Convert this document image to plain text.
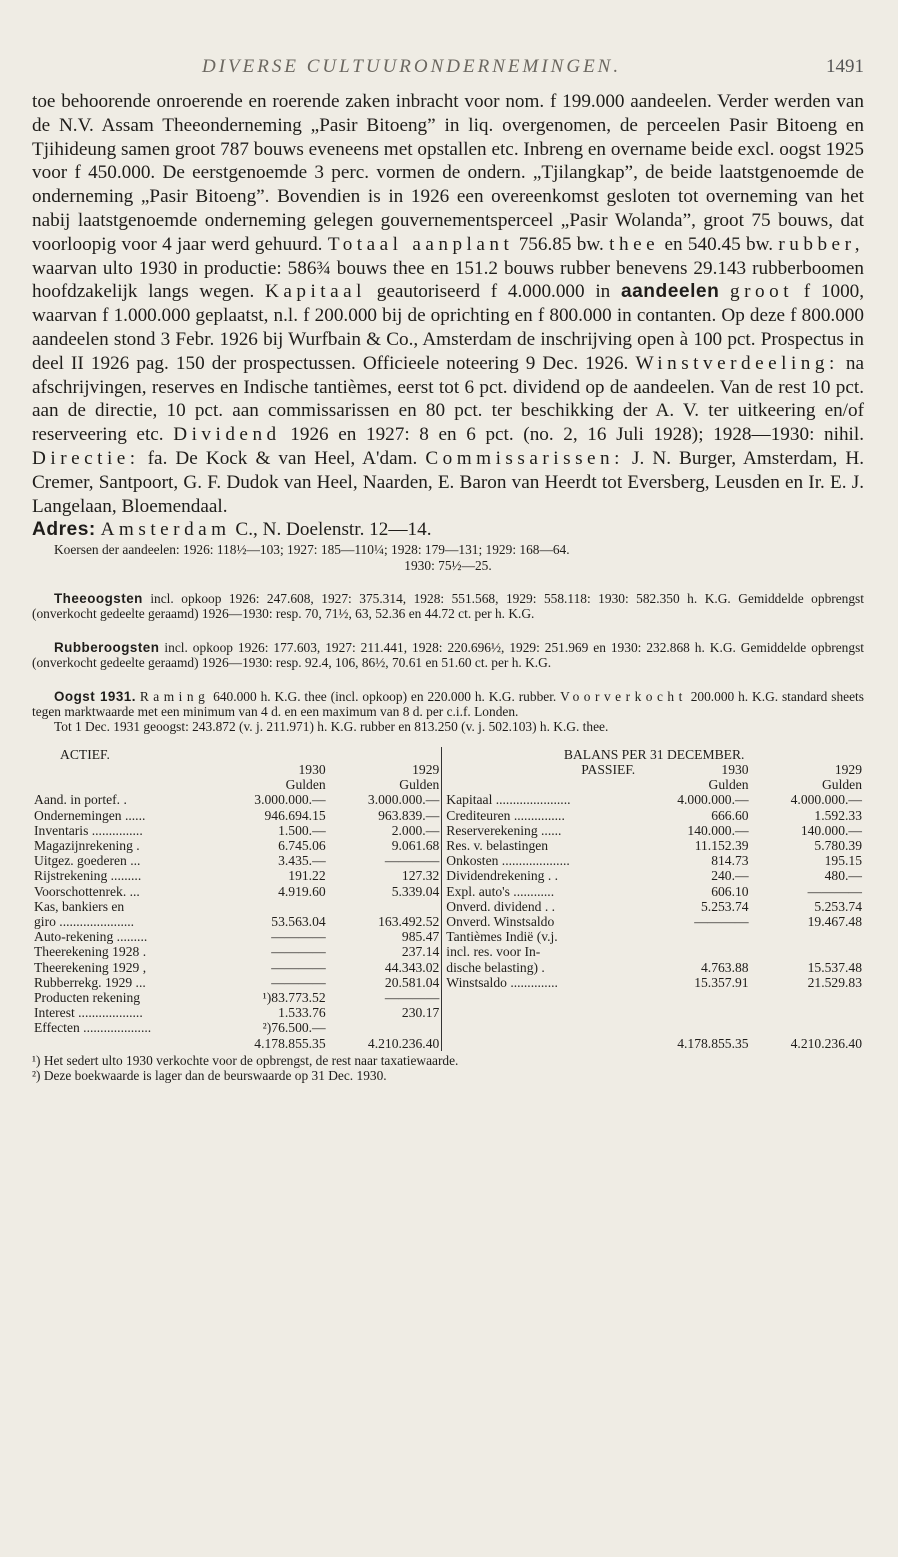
DIVERSE CULTUURONDERNEMINGEN.	1491

toe behoorende onroerende en roerende zaken inbracht voor nom. f 199.000 aandeelen. Verder werden van de N.V. Assam Theeonderneming „Pasir Bitoeng” in liq. overgenomen, de perceelen Pasir Bitoeng en Tjihideung samen groot 787 bouws eveneens met opstallen etc. Inbreng en overname beide excl. oogst 1925 voor f 450.000. De eerstgenoemde 3 perc. vormen de ondern. „Tjilangkap”, de beide laatstgenoemde de onderneming „Pasir Bitoeng”. Bovendien is in 1926 een overeenkomst gesloten tot overneming van het nabij laatstgenoemde onderneming gelegen gouvernementsperceel „Pasir Wolanda”, groot 75 bouws, dat voorloopig voor 4 jaar werd gehuurd. Totaal aanplant 756.85 bw. thee en 540.45 bw. rubber, waarvan ulto 1930 in productie: 586¾ bouws thee en 151.2 bouws rubber benevens 29.143 rubberboomen hoofdzakelijk langs wegen. Kapitaal geautoriseerd f 4.000.000 in aandeelen groot f 1000, waarvan f 1.000.000 geplaatst, n.l. f 200.000 bij de oprichting en f 800.000 in contanten. Op deze f 800.000 aandeelen stond 3 Febr. 1926 bij Wurfbain & Co., Amsterdam de inschrijving open à 100 pct. Prospectus in deel II 1926 pag. 150 der prospectussen. Officieele noteering 9 Dec. 1926. Winstverdeeling: na afschrijvingen, reserves en Indische tantièmes, eerst tot 6 pct. dividend op de aandeelen. Van de rest 10 pct. aan de directie, 10 pct. aan commissarissen en 80 pct. ter beschikking der A. V. ter uitkeering en/of reserveering etc. Dividend 1926 en 1927: 8 en 6 pct. (no. 2, 16 Juli 1928); 1928—1930: nihil. Directie: fa. De Kock & van Heel, A'dam. Commissarissen: J. N. Burger, Amsterdam, H. Cremer, Santpoort, G. F. Dudok van Heel, Naarden, E. Baron van Heerdt tot Eversberg, Leusden en Ir. E. J. Langelaan, Bloemendaal.

Adres: Amsterdam C., N. Doelenstr. 12—14.

Koersen der aandeelen: 1926: 118½—103; 1927: 185—110¼; 1928: 179—131; 1929: 168—64.

1930: 75½—25.

Theeoogsten incl. opkoop 1926: 247.608, 1927: 375.314, 1928: 551.568, 1929: 558.118: 1930: 582.350 h. K.G. Gemiddelde opbrengst (onverkocht gedeelte geraamd) 1926—1930: resp. 70, 71½, 63, 52.36 en 44.72 ct. per h. K.G.

Rubberoogsten incl. opkoop 1926: 177.603, 1927: 211.441, 1928: 220.696½, 1929: 251.969 en 1930: 232.868 h. K.G. Gemiddelde opbrengst (onverkocht gedeelte geraamd) 1926—1930: resp. 92.4, 106, 86½, 70.61 en 51.60 ct. per h. K.G.

Oogst 1931. Raming 640.000 h. K.G. thee (incl. opkoop) en 220.000 h. K.G. rubber. Voorverkocht 200.000 h. K.G. standard sheets tegen marktwaarde met een minimum van 4 d. en een maximum van 8 d. per c.i.f. Londen.

Tot 1 Dec. 1931 geoogst: 243.872 (v. j. 211.971) h. K.G. rubber en 813.250 (v. j. 502.103) h. K.G. thee.

ACTIEF.				BALANS PER 31 DECEMBER.		
	1930	1929		PASSIEF.	1930	1929
	Gulden	Gulden			Gulden	Gulden
Aand. in portef. .	3.000.000.—	3.000.000.—		Kapitaal ......................	4.000.000.—	4.000.000.—
Ondernemingen ......	946.694.15	963.839.—		Crediteuren ...............	666.60	1.592.33
Inventaris ...............	1.500.—	2.000.—		Reserverekening ......	140.000.—	140.000.—
Magazijnrekening .	6.745.06	9.061.68		Res. v. belastingen	11.152.39	5.780.39
Uitgez. goederen ...	3.435.—	————		Onkosten ....................	814.73	195.15
Rijstrekening .........	191.22	127.32		Dividendrekening . .	240.—	480.—
Voorschottenrek. ...	4.919.60	5.339.04		Expl. auto's ............	606.10	————
Kas, bankiers en				Onverd. dividend . .	5.253.74	5.253.74
giro ......................	53.563.04	163.492.52		Onverd. Winstsaldo	————	19.467.48
Auto-rekening .........	————	985.47		Tantièmes Indië (v.j.		
Theerekening 1928 .	————	237.14		incl. res. voor In-		
Theerekening 1929 ,	————	44.343.02		dische belasting) .	4.763.88	15.537.48
Rubberrekg. 1929 ...	————	20.581.04		Winstsaldo ..............	15.357.91	21.529.83
Producten rekening	¹)83.773.52	————				
Interest ...................	1.533.76	230.17				
Effecten ....................	²)76.500.—					
	4.178.855.35	4.210.236.40			4.178.855.35	4.210.236.40

¹) Het sedert ulto 1930 verkochte voor de opbrengst, de rest naar taxatiewaarde.

²) Deze boekwaarde is lager dan de beurswaarde op 31 Dec. 1930.
